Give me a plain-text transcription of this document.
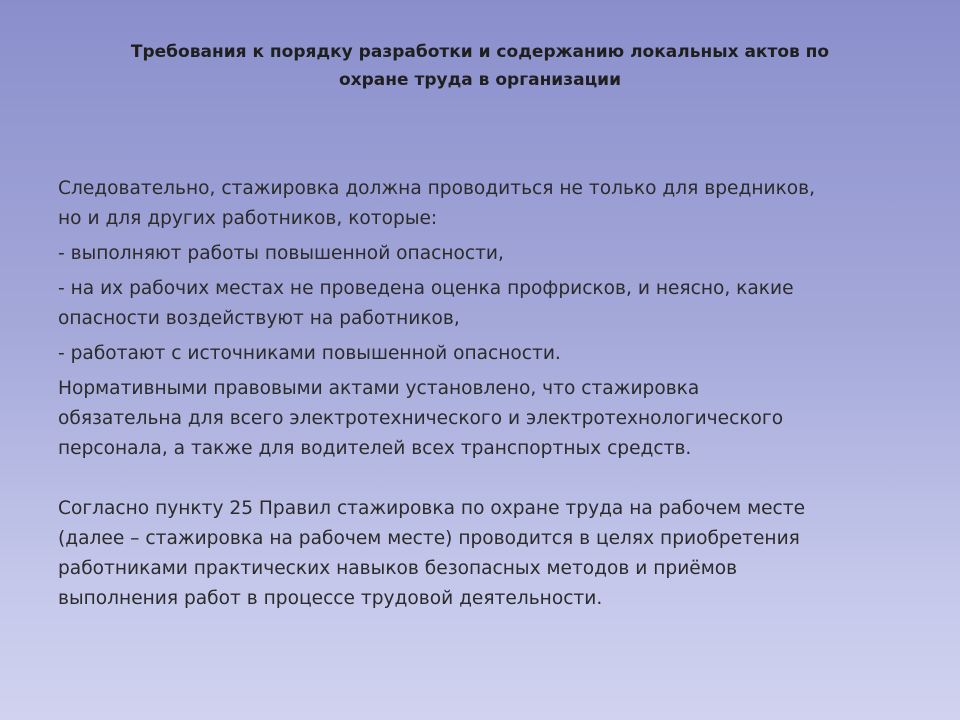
Требования к порядку разработки и содержанию локальных актов по
охране труда в организации
Следовательно, стажировка должна проводиться не только для вредников,
но и для других работников, которые:
- выполняют работы повышенной опасности,
- на их рабочих местах не проведена оценка профрисков, и неясно, какие
опасности воздействуют на работников,
- работают с источниками повышенной опасности.
Нормативными правовыми актами установлено, что стажировка
обязательна для всего электротехнического и электротехнологического
персонала, а также для водителей всех транспортных средств.
Согласно пункту 25 Правил стажировка по охране труда на рабочем месте
(далее – стажировка на рабочем месте) проводится в целях приобретения
работниками практических навыков безопасных методов и приёмов
выполнения работ в процессе трудовой деятельности.
